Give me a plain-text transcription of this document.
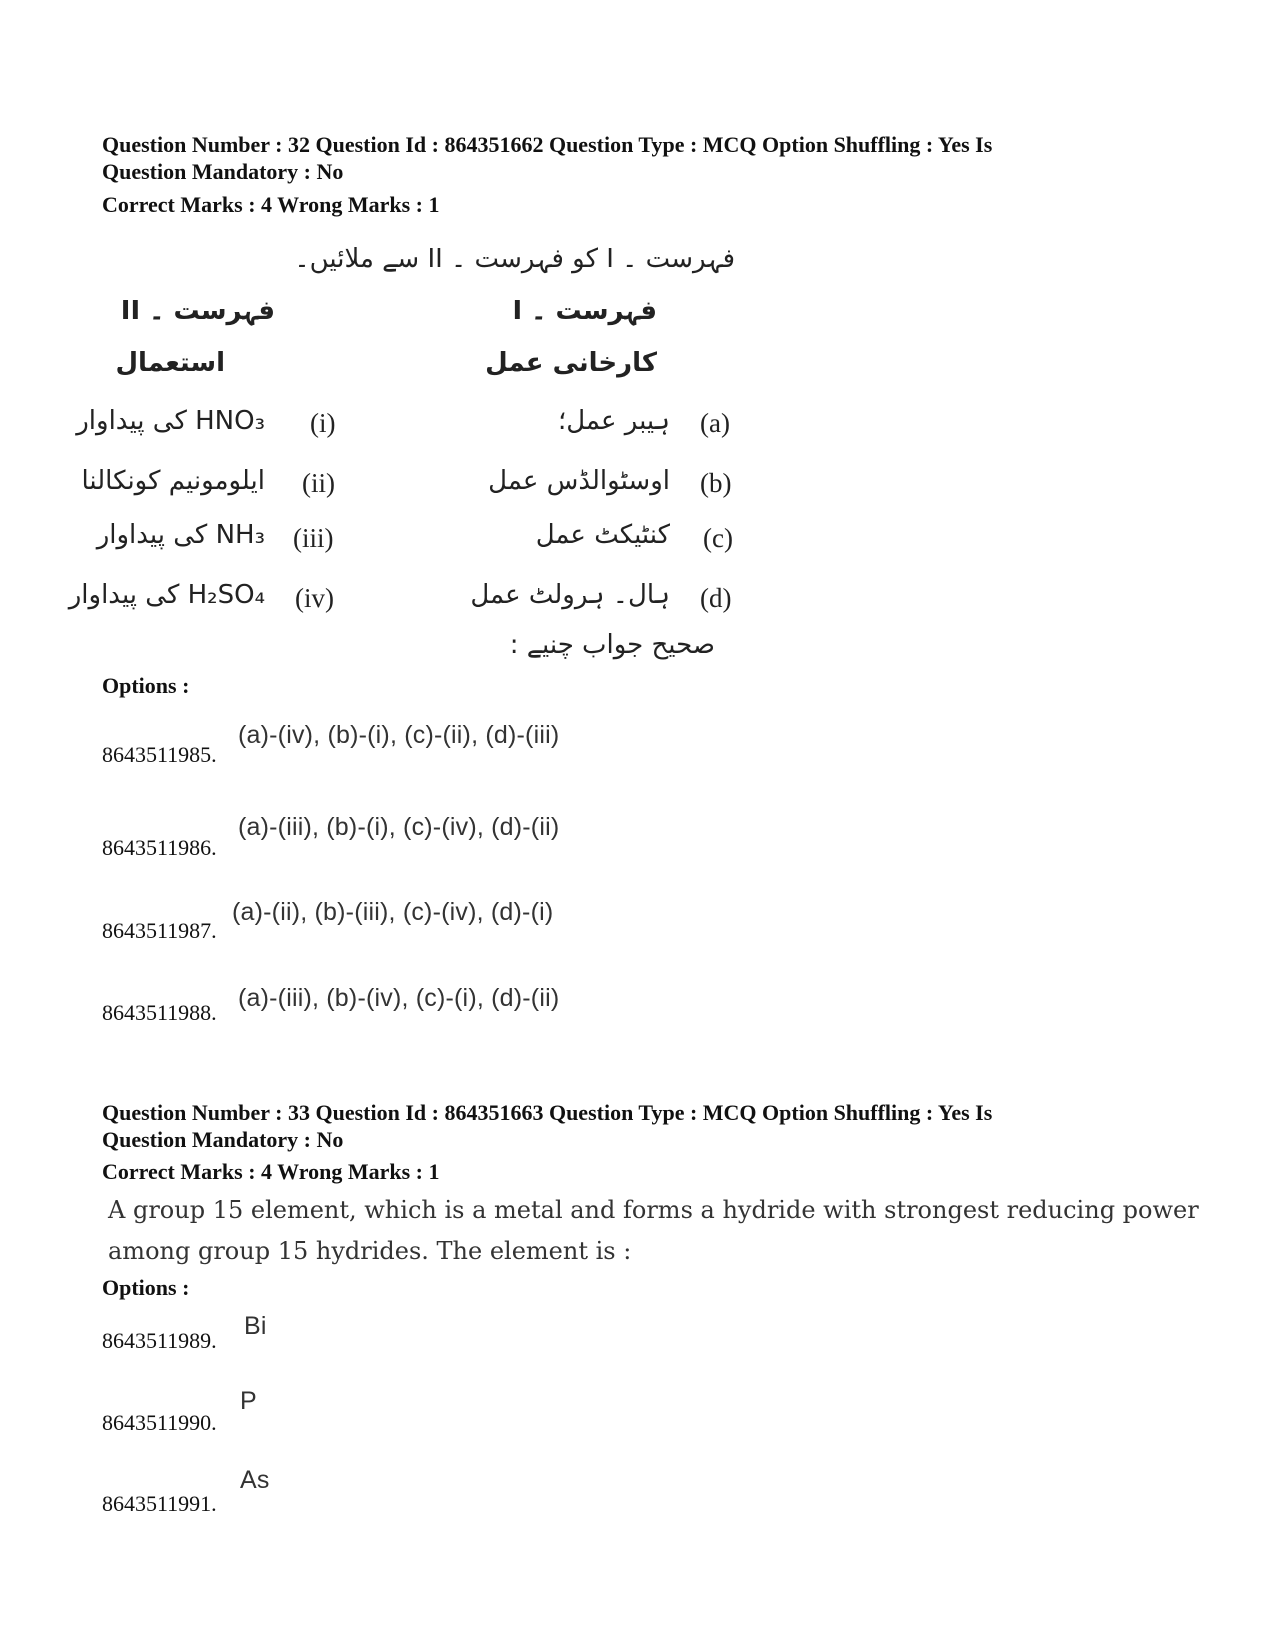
Question Number : 32 Question Id : 864351662 Question Type : MCQ Option Shuffling : Yes Is
Question Mandatory : No
Correct Marks : 4 Wrong Marks : 1
فہرست ۔ I کو فہرست ۔ II سے ملائیں۔
فہرست ۔ I
فہرست ۔ II
کارخانی عمل
استعمال
(a)
ہیبر عمل؛
(b)
اوسٹوالڈس عمل
(c)
کنٹیکٹ عمل
(d)
ہال۔ ہرولٹ عمل
(i)
HNO₃ کی پیداوار
(ii)
ایلومونیم کونکالنا
(iii)
NH₃ کی پیداوار
(iv)
H₂SO₄ کی پیداوار
صحیح جواب چنیے :
Options :
8643511985.
(a)-(iv), (b)-(i), (c)-(ii), (d)-(iii)
8643511986.
(a)-(iii), (b)-(i), (c)-(iv), (d)-(ii)
8643511987.
(a)-(ii), (b)-(iii), (c)-(iv), (d)-(i)
8643511988.
(a)-(iii), (b)-(iv), (c)-(i), (d)-(ii)
Question Number : 33 Question Id : 864351663 Question Type : MCQ Option Shuffling : Yes Is
Question Mandatory : No
Correct Marks : 4 Wrong Marks : 1
A group 15 element, which is a metal and forms a hydride with strongest reducing power among group 15 hydrides. The element is :
Options :
8643511989.
Bi
8643511990.
P
8643511991.
As
